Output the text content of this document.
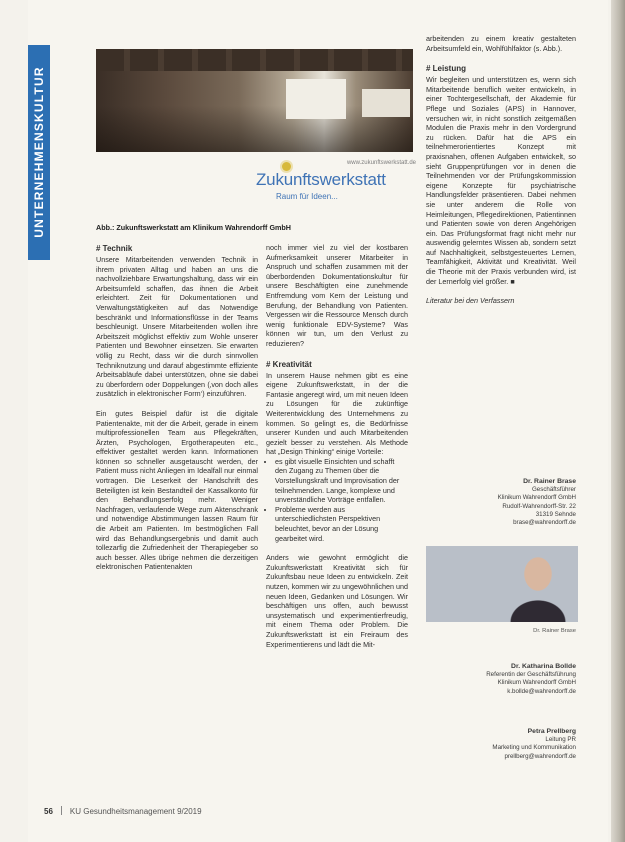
UNTERNEHMENSKULTUR	www.zukunftswerkstatt.de
Zukunftswerkstatt
Raum für Ideen...
Abb.: Zukunftswerkstatt am Klinikum Wahrendorff GmbH

# Technik

Unsere Mitarbeitenden verwenden Technik in ihrem privaten Alltag und haben an uns die nachvollziehbare Erwartungshaltung, dass wir ein Arbeitsumfeld schaffen, das ihnen die Arbeit erleichtert. Zeit für Dokumentationen und Verwaltungstätigkeiten auf das Notwendige beschränkt und Informationsflüsse in der Teams beschleunigt. Unsere Mitarbeitenden wollen ihre Arbeitszeit möglichst effektiv zum Wohle unserer Patienten und Bewohner einsetzen. Sie erwarten völlig zu Recht, dass wir die durch sinnvollen Techniknutzung und darauf abgestimmte effiziente Arbeitsabläufe dabei unterstützen, ohne sie dabei zu überfordern oder Doppelungen (‚von doch alles zusätzlich in elektronischer Form‘) einzuführen.

Ein gutes Beispiel dafür ist die digitale Patientenakte, mit der die Arbeit, gerade in einem multiprofessionellen Team aus Pflegekräften, Ärzten, Psychologen, Ergotherapeuten etc., effektiver gestaltet werden kann. Informationen können so schneller ausgetauscht werden, der Patient muss nicht Anliegen im Idealfall nur einmal vortragen. Die Leserkeit der Handschrift des Beteiligten ist kein Bestandteil der Kassalkonto für den Behandlungserfolg mehr. Weniger Nachfragen, verlaufende Wege zum Aktenschrank und notwendige Abstimmungen lassen Raum für die Arbeit am Patienten. Im bestmöglichen Fall wird das Behandlungsergebnis und damit auch tollezarfig die Zufriedenheit der Therapiegeber so auch besser. Alles übrige nehmen die derzeitigen elektronischen Patientenakten

noch immer viel zu viel der kostbaren Aufmerksamkeit unserer Mitarbeiter in Anspruch und schaffen zusammen mit der überbordenden Dokumentationskultur für unsere Beschäftigten eine zunehmende Entfremdung vom Kern der Leistung und Berufung, der Behandlung von Patienten. Vergessen wir die Ressource Mensch durch wenig funktionale EDV-Systeme? Was können wir tun, um den Verlust zu reduzieren?

# Kreativität

In unserem Hause nehmen gibt es eine eigene Zukunftswerkstatt, in der die Fantasie angeregt wird, um mit neuen Ideen zu Lösungen für die zukünftige Weiterentwicklung des Unternehmens zu kommen. So gelingt es, die Bedürfnisse unserer Kunden und auch Mitarbeitenden gezielt besser zu verstehen. Als Methode hat „Design Thinking“ einige Vorteile:

• es gibt visuelle Einsichten und schafft den Zugang zu Themen über die Vorstellungskraft und Improvisation der teilnehmenden. Lange, komplexe und unverständliche Vorträge entfallen.
• Probleme werden aus unterschiedlichsten Perspektiven beleuchtet, bevor an der Lösung gearbeitet wird.

Anders wie gewohnt ermöglicht die Zukunftswerkstatt Kreativität sich für Zukunftsbau neue Ideen zu entwickeln. Zeit nutzen, kommen wir zu ungewöhnlichen und neuen Ideen, Gedanken und Lösungen. Wir beschäftigen uns offen, auch bewusst unsystematisch und experimentierfreudig, mit einem Thema oder Problem. Die Zukunftswerkstatt ist ein Freiraum des Experimentierens und lädt die Mit-

arbeitenden zu einem kreativ gestalteten Arbeitsumfeld ein, Wohlfühlfaktor (s. Abb.).

# Leistung

Wir begleiten und unterstützen es, wenn sich Mitarbeitende beruflich weiter entwickeln, in einer Tochtergesellschaft, der Akademie für Pflege und Soziales (APS) in Hannover, versuchen wir, in nicht sonstlich zeitgemäßen Modulen die Praxis mehr in den Vordergrund zu rücken. Dafür hat die APS ein teilnehmerorientiertes Konzept mit praxisnahen, offenen Aufgaben entwickelt, so sieht Gruppenprüfungen vor in denen die Teilnehmenden vor der Prüfungskommission eigene Konzepte für psychiatrische Handlungsfelder präsentieren. Dabei nehmen sie unter anderem die Rolle von Heimleitungen, Pflegedirektionen, Patientinnen und Patienten sowie von deren Angehörigen ein. Das Prüfungsformat fragt nicht mehr nur auswendig gelerntes Wissen ab, sondern setzt auf Nachhaltigkeit, selbstgesteuertes Lernen, Teamfähigkeit, Aktivität und Kreativität. Weil die Theorie mit der Praxis verbunden wird, ist der Lernerfolg viel größer. ■

Literatur bei den Verfassern

Dr. Rainer Brase
Geschäftsführer
Klinikum Wahrendorff GmbH
Rudolf-Wahrendorff-Str. 22
31319 Sehnde
brase@wahrendorff.de
Dr. Rainer Brase
Dr. Katharina Bollde
Referentin der Geschäftsführung
Klinikum Wahrendorff GmbH
k.bollde@wahrendorff.de
Petra Prellberg
Leitung PR
Marketing und Kommunikation
prellberg@wahrendorff.de
56 KU Gesundheitsmanagement 9/2019
